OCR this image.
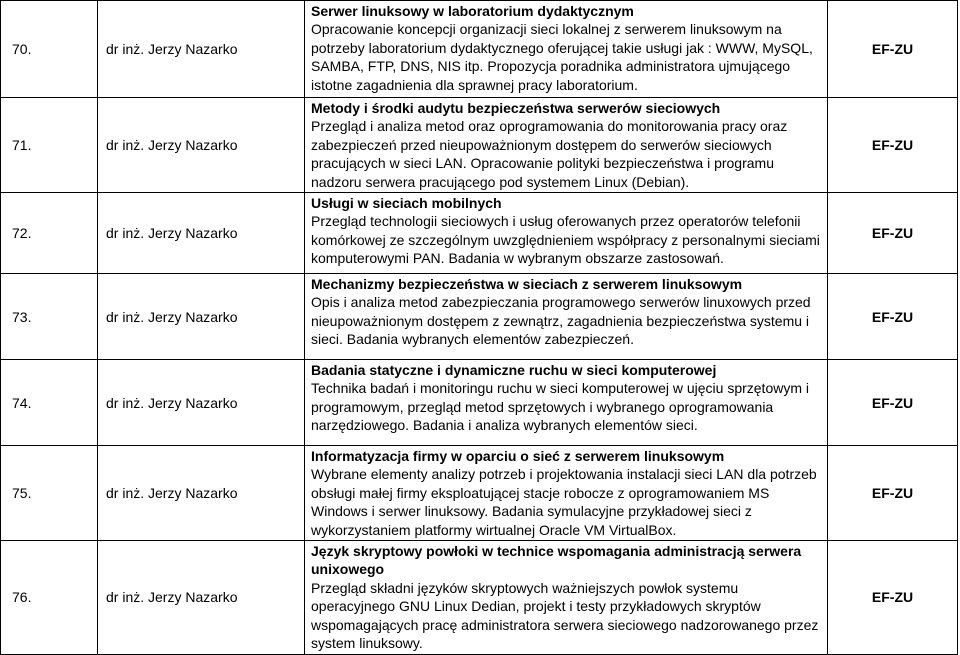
70.	dr inż. Jerzy Nazarko	Serwer linuksowy w laboratorium dydaktycznym
Opracowanie koncepcji organizacji sieci lokalnej z serwerem linuksowym na potrzeby laboratorium dydaktycznego oferującej takie usługi jak : WWW, MySQL, SAMBA, FTP, DNS, NIS itp. Propozycja poradnika administratora ujmującego istotne zagadnienia dla sprawnej pracy laboratorium.	EF-ZU
71.	dr inż. Jerzy Nazarko	Metody i środki audytu bezpieczeństwa serwerów sieciowych
Przegląd i analiza metod oraz oprogramowania do monitorowania pracy oraz zabezpieczeń przed nieupoważnionym dostępem do serwerów sieciowych pracujących w sieci LAN. Opracowanie polityki bezpieczeństwa i programu nadzoru serwera pracującego pod systemem Linux (Debian).	EF-ZU
72.	dr inż. Jerzy Nazarko	Usługi w sieciach mobilnych
Przegląd technologii sieciowych i usług oferowanych przez operatorów telefonii komórkowej ze szczególnym uwzględnieniem współpracy z personalnymi sieciami komputerowymi PAN. Badania w wybranym obszarze zastosowań.	EF-ZU
73.	dr inż. Jerzy Nazarko	Mechanizmy bezpieczeństwa w sieciach z serwerem linuksowym
Opis i analiza metod zabezpieczania programowego serwerów linuxowych przed nieupoważnionym dostępem z zewnątrz, zagadnienia bezpieczeństwa systemu i sieci. Badania wybranych elementów zabezpieczeń.	EF-ZU
74.	dr inż. Jerzy Nazarko	Badania statyczne i dynamiczne ruchu w sieci komputerowej
Technika badań i monitoringu ruchu w sieci komputerowej w ujęciu sprzętowym i programowym, przegląd metod sprzętowych i wybranego oprogramowania narzędziowego. Badania i analiza wybranych elementów sieci.	EF-ZU
75.	dr inż. Jerzy Nazarko	Informatyzacja firmy w oparciu o sieć z serwerem linuksowym
Wybrane elementy analizy potrzeb i projektowania instalacji sieci LAN dla potrzeb obsługi małej firmy eksploatującej stacje robocze z oprogramowaniem MS Windows i serwer linuksowy. Badania symulacyjne przykładowej sieci z wykorzystaniem platformy wirtualnej Oracle VM VirtualBox.	EF-ZU
76.	dr inż. Jerzy Nazarko	Język skryptowy powłoki w technice wspomagania administracją serwera unixowego
Przegląd składni języków skryptowych ważniejszych powłok systemu operacyjnego GNU Linux Dedian, projekt i testy przykładowych skryptów wspomagających pracę administratora serwera sieciowego nadzorowanego przez system linuksowy.	EF-ZU
